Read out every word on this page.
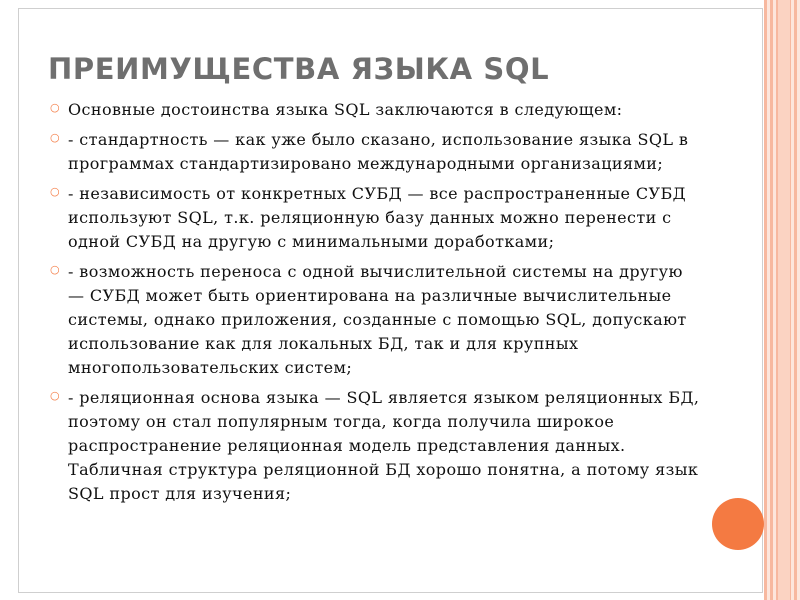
ПРЕИМУЩЕСТВА ЯЗЫКА SQL
○ Основные достоинства языка SQL заключаются в следующем:
○ - стандартность — как уже было сказано, использование языка SQL в программах стандартизировано международными организациями;
○ - независимость от конкретных СУБД — все распространенные СУБД используют SQL, т.к. реляционную базу данных можно перенести с одной СУБД на другую с минимальными доработками;
○ - возможность переноса с одной вычислительной системы на другую — СУБД может быть ориентирована на различные вычислительные системы, однако приложения, созданные с помощью SQL, допускают использование как для локальных БД, так и для крупных многопользовательских систем;
○ - реляционная основа языка — SQL является языком реляционных БД, поэтому он стал популярным тогда, когда получила широкое распространение реляционная модель представления данных. Табличная структура реляционной БД хорошо понятна, а потому язык SQL прост для изучения;
